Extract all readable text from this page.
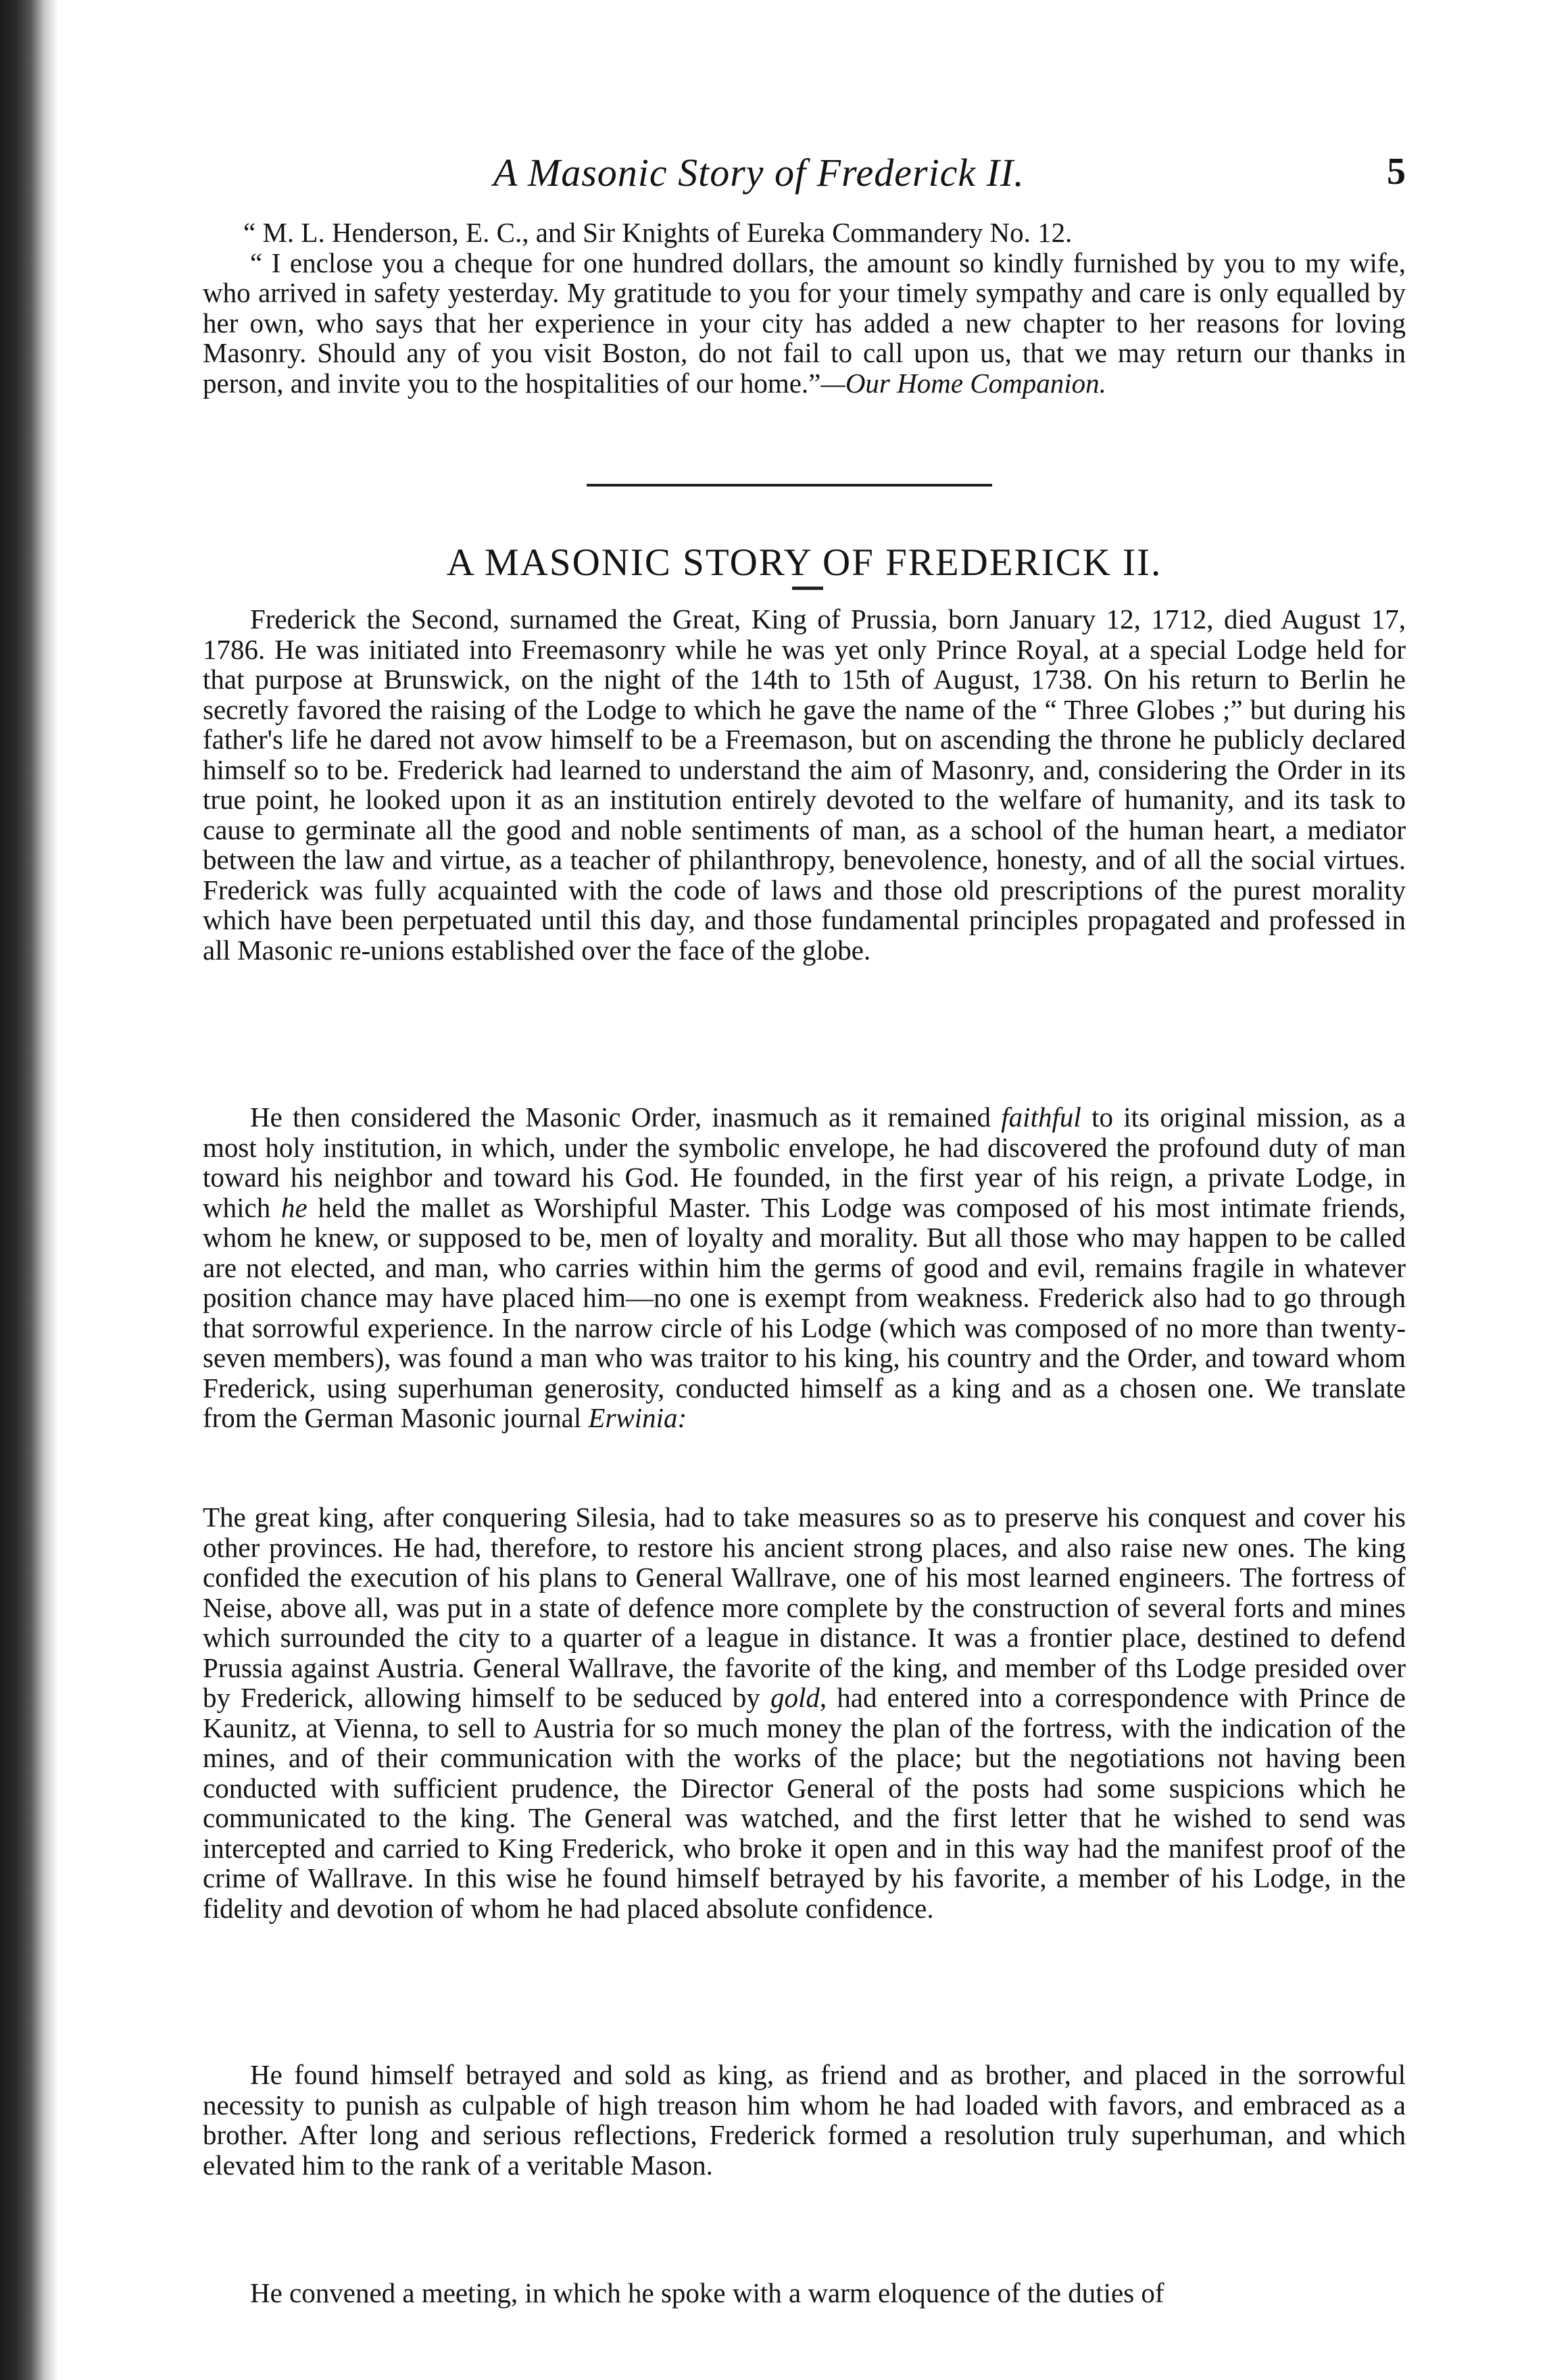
A Masonic Story of Frederick II.	5

“ M. L. Henderson, E. C., and Sir Knights of Eureka Commandery No. 12.

“ I enclose you a cheque for one hundred dollars, the amount so kindly furnished by you to my wife, who arrived in safety yesterday. My gratitude to you for your timely sympathy and care is only equalled by her own, who says that her experience in your city has added a new chapter to her reasons for loving Masonry. Should any of you visit Boston, do not fail to call upon us, that we may return our thanks in person, and invite you to the hospitalities of our home.”—Our Home Companion.

A MASONIC STORY OF FREDERICK II.

Frederick the Second, surnamed the Great, King of Prussia, born January 12, 1712, died August 17, 1786. He was initiated into Freemasonry while he was yet only Prince Royal, at a special Lodge held for that purpose at Brunswick, on the night of the 14th to 15th of August, 1738. On his return to Berlin he secretly favored the raising of the Lodge to which he gave the name of the “ Three Globes ;” but during his father's life he dared not avow himself to be a Freemason, but on ascending the throne he publicly declared himself so to be. Frederick had learned to understand the aim of Masonry, and, considering the Order in its true point, he looked upon it as an institution entirely devoted to the welfare of humanity, and its task to cause to germinate all the good and noble sentiments of man, as a school of the human heart, a mediator between the law and virtue, as a teacher of philanthropy, benevolence, honesty, and of all the social virtues. Frederick was fully acquainted with the code of laws and those old prescriptions of the purest morality which have been perpetuated until this day, and those fundamental principles propagated and professed in all Masonic re-unions established over the face of the globe.

He then considered the Masonic Order, inasmuch as it remained faithful to its original mission, as a most holy institution, in which, under the symbolic envelope, he had discovered the profound duty of man toward his neighbor and toward his God. He founded, in the first year of his reign, a private Lodge, in which he held the mallet as Worshipful Master. This Lodge was composed of his most intimate friends, whom he knew, or supposed to be, men of loyalty and morality. But all those who may happen to be called are not elected, and man, who carries within him the germs of good and evil, remains fragile in whatever position chance may have placed him—no one is exempt from weakness. Frederick also had to go through that sorrowful experience. In the narrow circle of his Lodge (which was composed of no more than twenty-seven members), was found a man who was traitor to his king, his country and the Order, and toward whom Frederick, using superhuman generosity, conducted himself as a king and as a chosen one. We translate from the German Masonic journal Erwinia:

The great king, after conquering Silesia, had to take measures so as to preserve his conquest and cover his other provinces. He had, therefore, to restore his ancient strong places, and also raise new ones. The king confided the execution of his plans to General Wallrave, one of his most learned engineers. The fortress of Neise, above all, was put in a state of defence more complete by the construction of several forts and mines which surrounded the city to a quarter of a league in distance. It was a frontier place, destined to defend Prussia against Austria. General Wallrave, the favorite of the king, and member of ths Lodge presided over by Frederick, allowing himself to be seduced by gold, had entered into a correspondence with Prince de Kaunitz, at Vienna, to sell to Austria for so much money the plan of the fortress, with the indication of the mines, and of their communication with the works of the place; but the negotiations not having been conducted with sufficient prudence, the Director General of the posts had some suspicions which he communicated to the king. The General was watched, and the first letter that he wished to send was intercepted and carried to King Frederick, who broke it open and in this way had the manifest proof of the crime of Wallrave. In this wise he found himself betrayed by his favorite, a member of his Lodge, in the fidelity and devotion of whom he had placed absolute confidence.

He found himself betrayed and sold as king, as friend and as brother, and placed in the sorrowful necessity to punish as culpable of high treason him whom he had loaded with favors, and embraced as a brother. After long and serious reflections, Frederick formed a resolution truly superhuman, and which elevated him to the rank of a veritable Mason.

He convened a meeting, in which he spoke with a warm eloquence of the duties of
